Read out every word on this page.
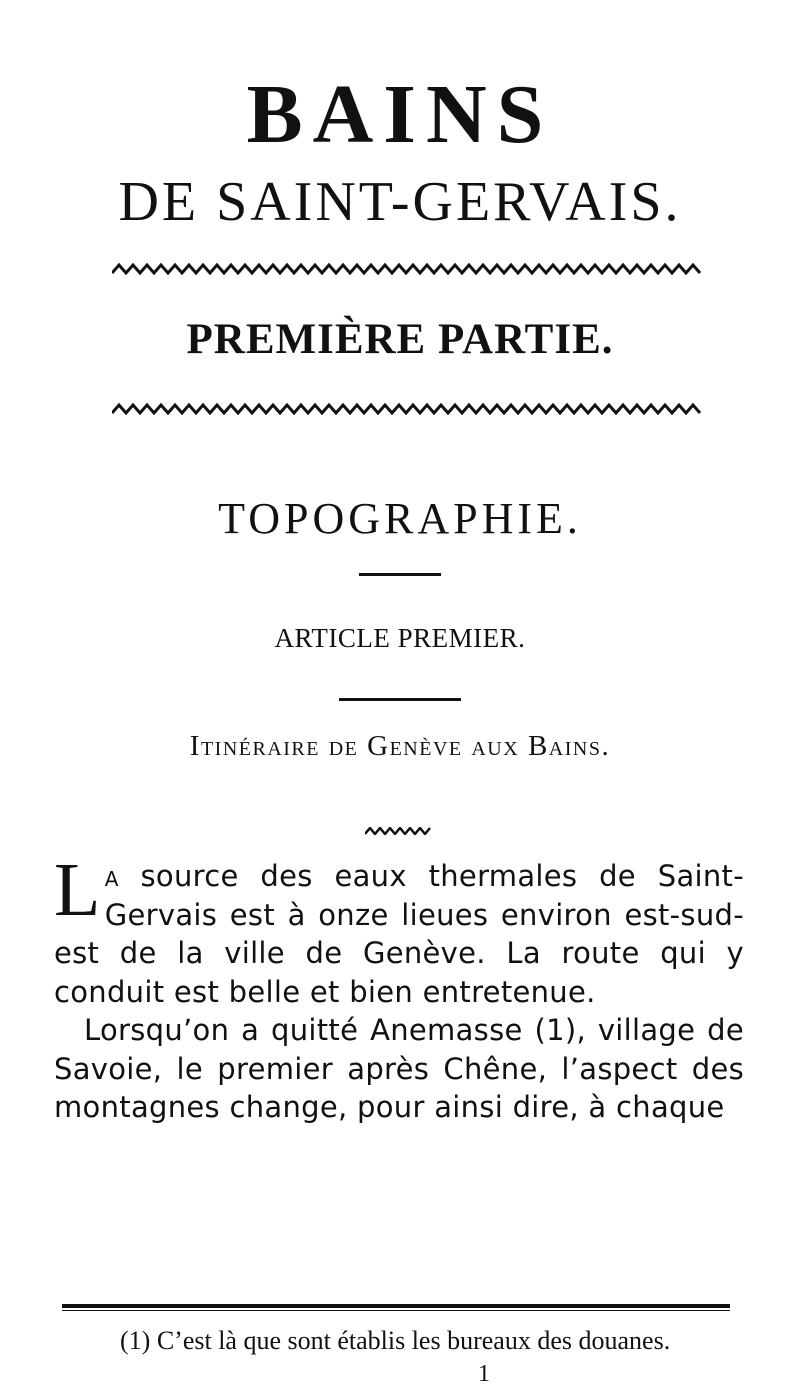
BAINS
DE SAINT-GERVAIS.
PREMIÈRE PARTIE.
TOPOGRAPHIE.
ARTICLE PREMIER.
Itinéraire de Genève aux Bains.

La source des eaux thermales de Saint-Gervais est à onze lieues environ est-sud-est de la ville de Genève. La route qui y conduit est belle et bien entretenue.

Lorsqu’on a quitté Anemasse (1), village de Savoie, le premier après Chêne, l’aspect des montagnes change, pour ainsi dire, à chaque

(1) C’est là que sont établis les bureaux des douanes.
1
